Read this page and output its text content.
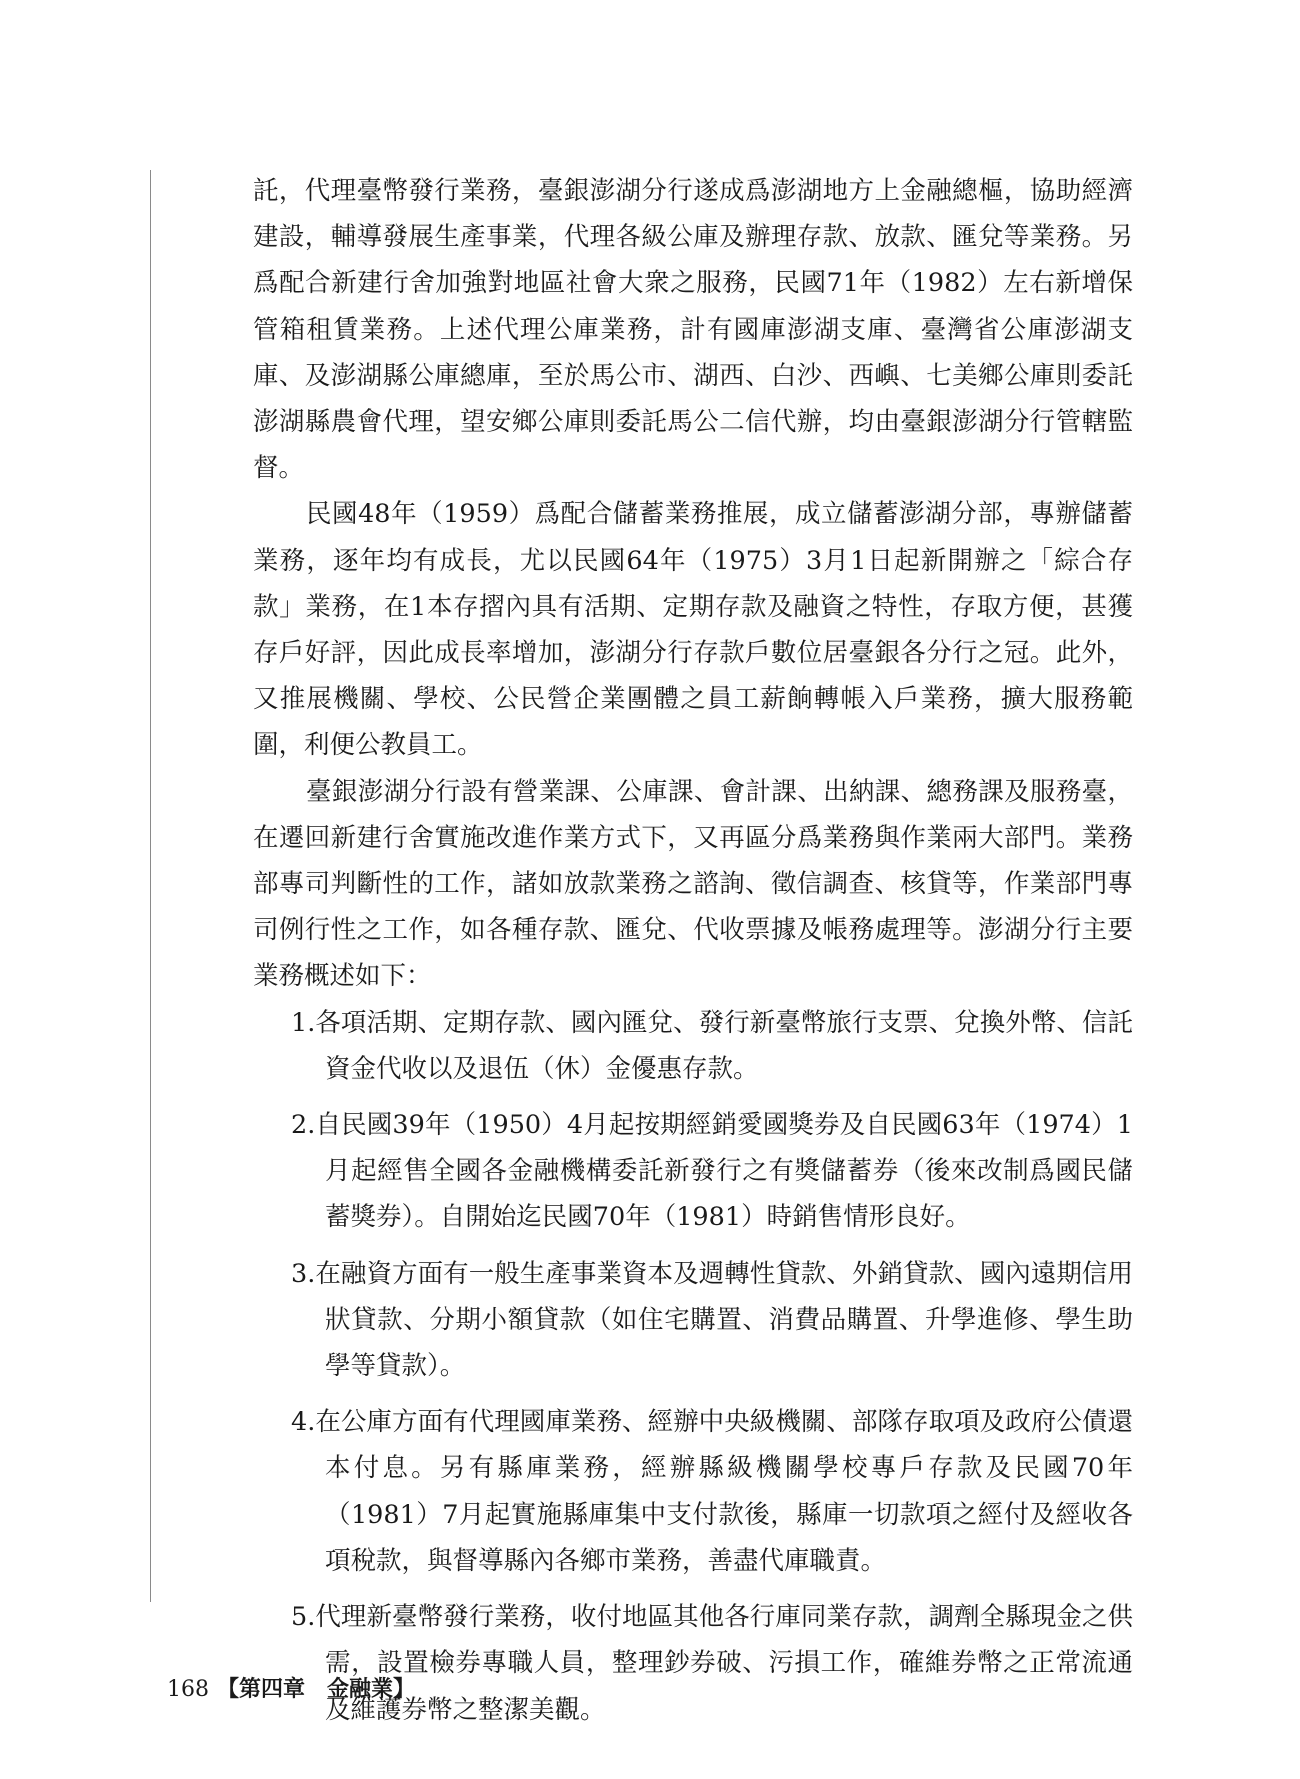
託，代理臺幣發行業務，臺銀澎湖分行遂成爲澎湖地方上金融總樞，協助經濟建設，輔導發展生產事業，代理各級公庫及辦理存款、放款、匯兌等業務。另爲配合新建行舍加強對地區社會大衆之服務，民國71年（1982）左右新增保管箱租賃業務。上述代理公庫業務，計有國庫澎湖支庫、臺灣省公庫澎湖支庫、及澎湖縣公庫總庫，至於馬公市、湖西、白沙、西嶼、七美鄉公庫則委託澎湖縣農會代理，望安鄉公庫則委託馬公二信代辦，均由臺銀澎湖分行管轄監督。

民國48年（1959）爲配合儲蓄業務推展，成立儲蓄澎湖分部，專辦儲蓄業務，逐年均有成長，尤以民國64年（1975）3月1日起新開辦之「綜合存款」業務，在1本存摺內具有活期、定期存款及融資之特性，存取方便，甚獲存戶好評，因此成長率增加，澎湖分行存款戶數位居臺銀各分行之冠。此外，又推展機關、學校、公民營企業團體之員工薪餉轉帳入戶業務，擴大服務範圍，利便公教員工。

臺銀澎湖分行設有營業課、公庫課、會計課、出納課、總務課及服務臺，在遷回新建行舍實施改進作業方式下，又再區分爲業務與作業兩大部門。業務部專司判斷性的工作，諸如放款業務之諮詢、徵信調查、核貸等，作業部門專司例行性之工作，如各種存款、匯兌、代收票據及帳務處理等。澎湖分行主要業務概述如下：

1.各項活期、定期存款、國內匯兌、發行新臺幣旅行支票、兌換外幣、信託資金代收以及退伍（休）金優惠存款。

2.自民國39年（1950）4月起按期經銷愛國獎券及自民國63年（1974）1月起經售全國各金融機構委託新發行之有獎儲蓄券（後來改制爲國民儲蓄獎券）。自開始迄民國70年（1981）時銷售情形良好。

3.在融資方面有一般生產事業資本及週轉性貸款、外銷貸款、國內遠期信用狀貸款、分期小額貸款（如住宅購置、消費品購置、升學進修、學生助學等貸款）。

4.在公庫方面有代理國庫業務、經辦中央級機關、部隊存取項及政府公債還本付息。另有縣庫業務，經辦縣級機關學校專戶存款及民國70年（1981）7月起實施縣庫集中支付款後，縣庫一切款項之經付及經收各項稅款，與督導縣內各鄉市業務，善盡代庫職責。

5.代理新臺幣發行業務，收付地區其他各行庫同業存款，調劑全縣現金之供需，設置檢券專職人員，整理鈔券破、污損工作，確維券幣之正常流通及維護券幣之整潔美觀。

168 【第四章　金融業】
